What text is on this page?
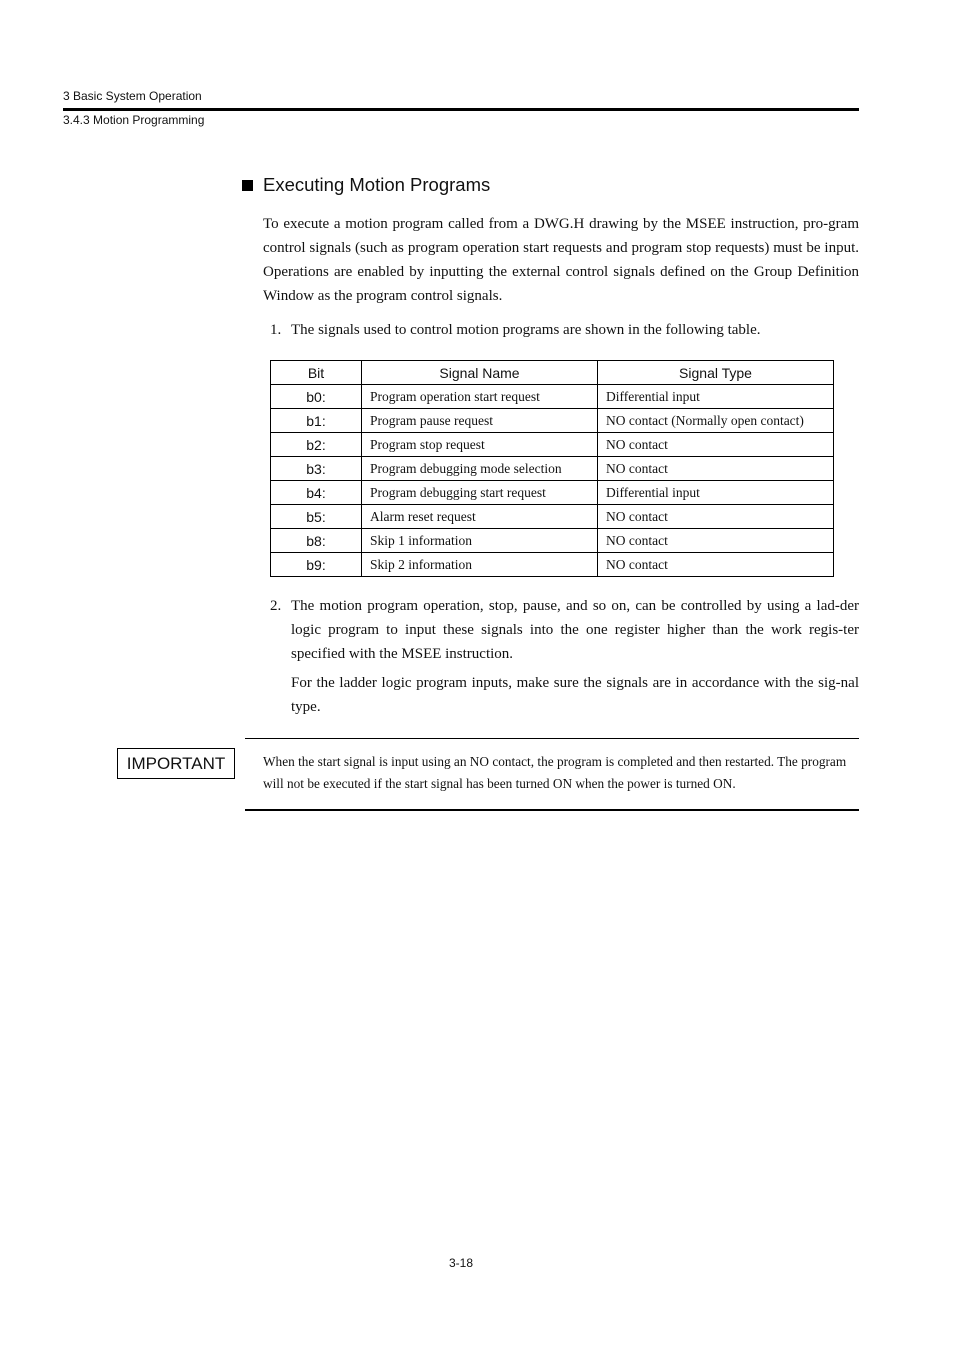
3 Basic System Operation
3.4.3 Motion Programming
Executing Motion Programs

To execute a motion program called from a DWG.H drawing by the MSEE instruction, pro-gram control signals (such as program operation start requests and program stop requests) must be input. Operations are enabled by inputting the external control signals defined on the Group Definition Window as the program control signals.

1. The signals used to control motion programs are shown in the following table.
Bit	Signal Name	Signal Type
b0:	Program operation start request	Differential input
b1:	Program pause request	NO contact (Normally open contact)
b2:	Program stop request	NO contact
b3:	Program debugging mode selection	NO contact
b4:	Program debugging start request	Differential input
b5:	Alarm reset request	NO contact
b8:	Skip 1 information	NO contact
b9:	Skip 2 information	NO contact
2. The motion program operation, stop, pause, and so on, can be controlled by using a lad-der logic program to input these signals into the one register higher than the work regis-ter specified with the MSEE instruction.

For the ladder logic program inputs, make sure the signals are in accordance with the sig-nal type.

IMPORTANT	When the start signal is input using an NO contact, the program is completed and then restarted. The program will not be executed if the start signal has been turned ON when the power is turned ON.

3-18
